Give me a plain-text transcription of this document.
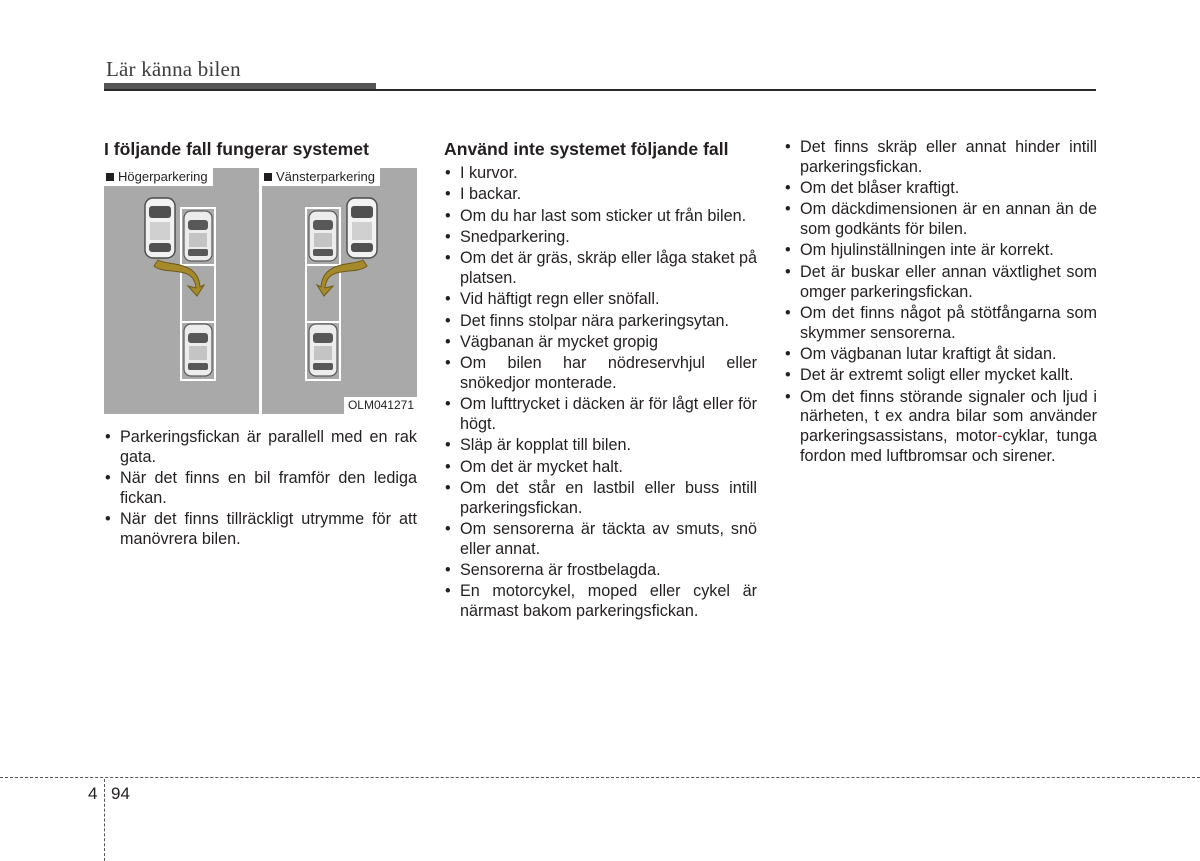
Lär känna bilen
I följande fall fungerar systemet
Högerparkering	Vänsterparkering
OLM041271
• Parkeringsfickan är parallell med en rak gata.
• När det finns en bil framför den lediga fickan.
• När det finns tillräckligt utrymme för att manövrera bilen.
Använd inte systemet följande fall
• I kurvor.
• I backar.
• Om du har last som sticker ut från bilen.
• Snedparkering.
• Om det är gräs, skräp eller låga staket på platsen.
• Vid häftigt regn eller snöfall.
• Det finns stolpar nära parkeringsytan.
• Vägbanan är mycket gropig
• Om bilen har nödreservhjul eller snökedjor monterade.
• Om lufttrycket i däcken är för lågt eller för högt.
• Släp är kopplat till bilen.
• Om det är mycket halt.
• Om det står en lastbil eller buss intill parkeringsfickan.
• Om sensorerna är täckta av smuts, snö eller annat.
• Sensorerna är frostbelagda.
• En motorcykel, moped eller cykel är närmast bakom parkeringsfickan.
• Det finns skräp eller annat hinder intill parkeringsfickan.
• Om det blåser kraftigt.
• Om däckdimensionen är en annan än de som godkänts för bilen.
• Om hjulinställningen inte är korrekt.
• Det är buskar eller annan växtlighet som omger parkeringsfickan.
• Om det finns något på stötfångarna som skymmer sensorerna.
• Om vägbanan lutar kraftigt åt sidan.
• Det är extremt soligt eller mycket kallt.
• Om det finns störande signaler och ljud i närheten, t ex andra bilar som använder parkeringsassistans, motor-cyklar, tunga fordon med luftbromsar och sirener.
4 94
